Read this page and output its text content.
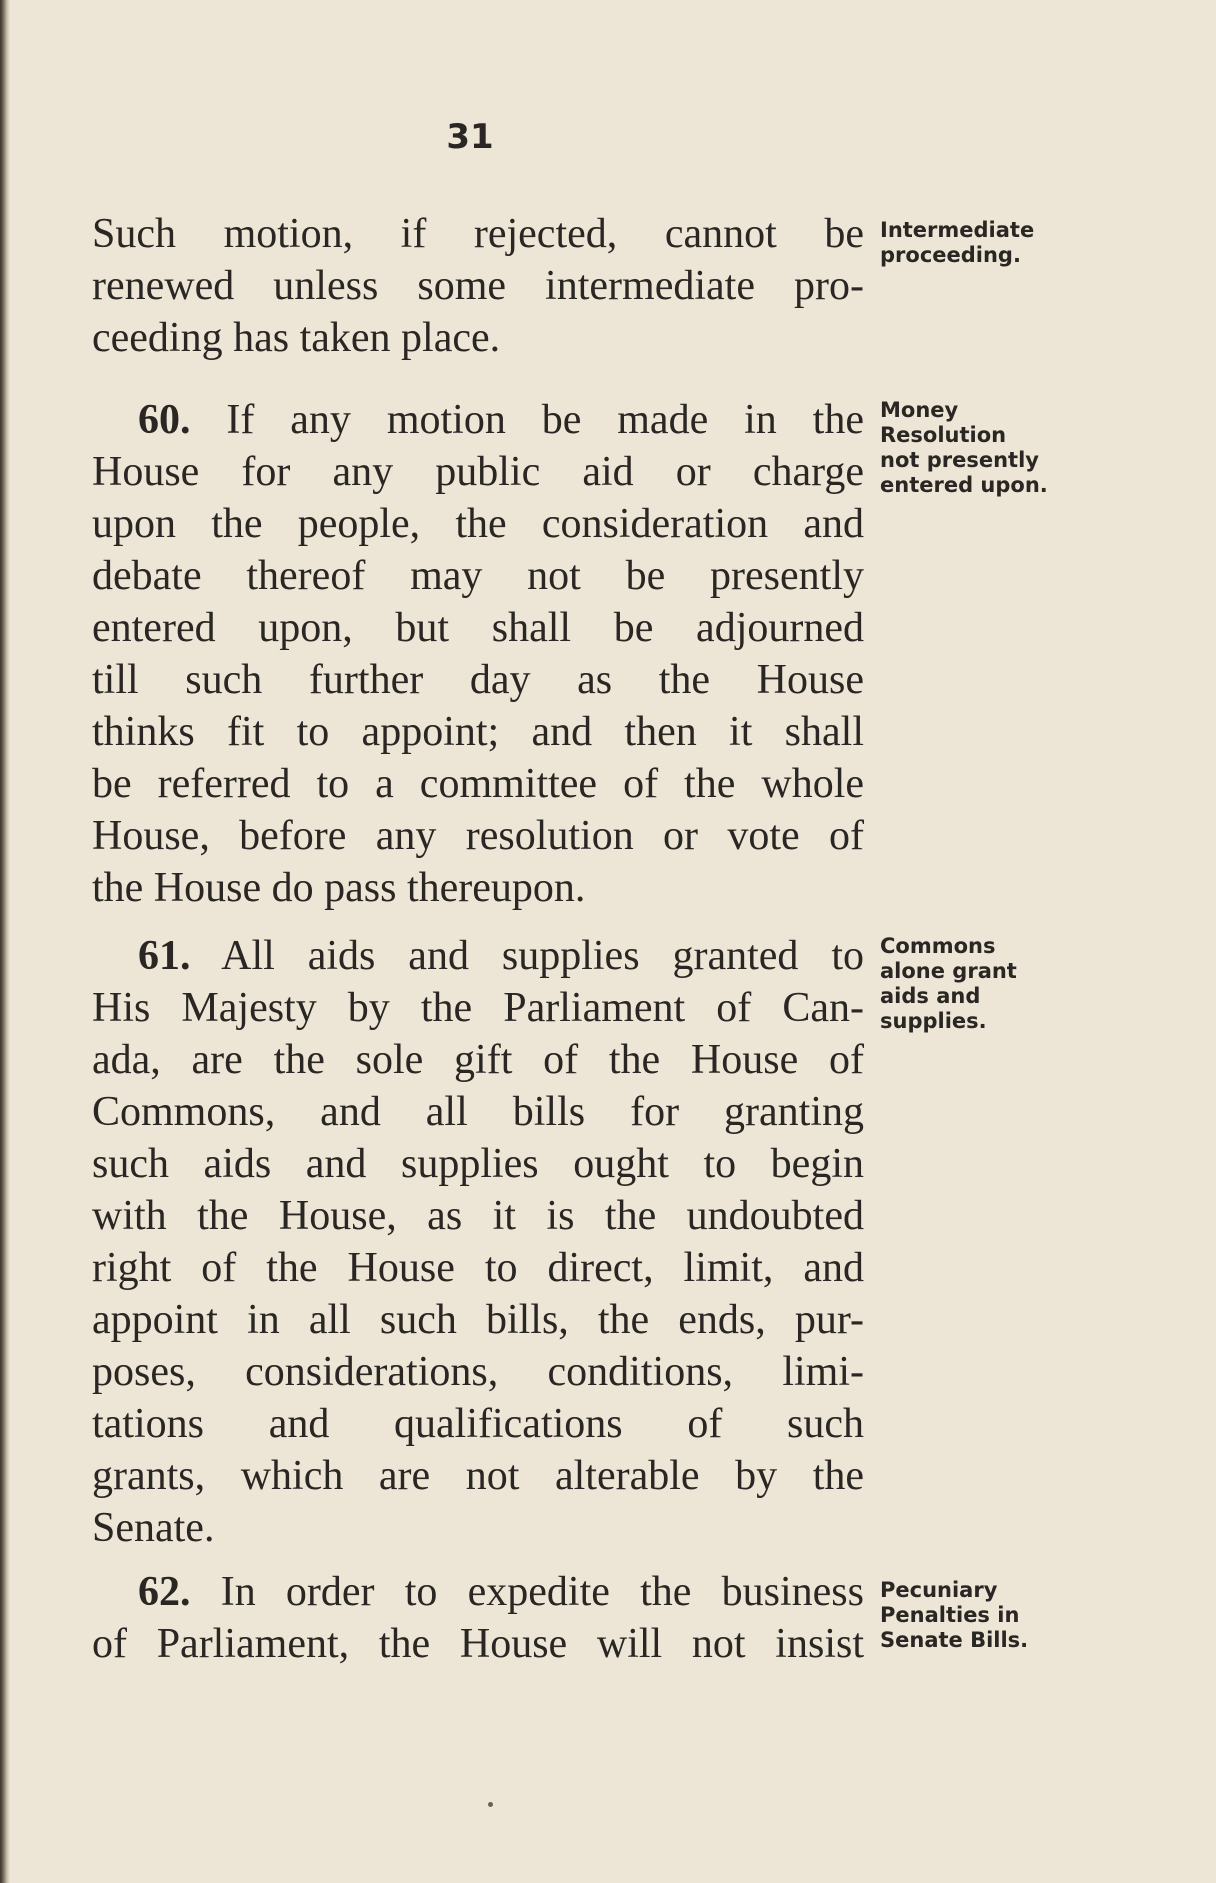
31
Such motion, if rejected, cannot be
renewed unless some intermediate pro-
ceeding has taken place.
Intermediate
proceeding.
60. If any motion be made in the
House for any public aid or charge
upon the people, the consideration and
debate thereof may not be presently
entered upon, but shall be adjourned
till such further day as the House
thinks fit to appoint; and then it shall
be referred to a committee of the whole
House, before any resolution or vote of
the House do pass thereupon.
Money
Resolution
not presently
entered upon.
61. All aids and supplies granted to
His Majesty by the Parliament of Can-
ada, are the sole gift of the House of
Commons, and all bills for granting
such aids and supplies ought to begin
with the House, as it is the undoubted
right of the House to direct, limit, and
appoint in all such bills, the ends, pur-
poses, considerations, conditions, limi-
tations and qualifications of such
grants, which are not alterable by the
Senate.
Commons
alone grant
aids and
supplies.
62. In order to expedite the business
of Parliament, the House will not insist
Pecuniary
Penalties in
Senate Bills.
